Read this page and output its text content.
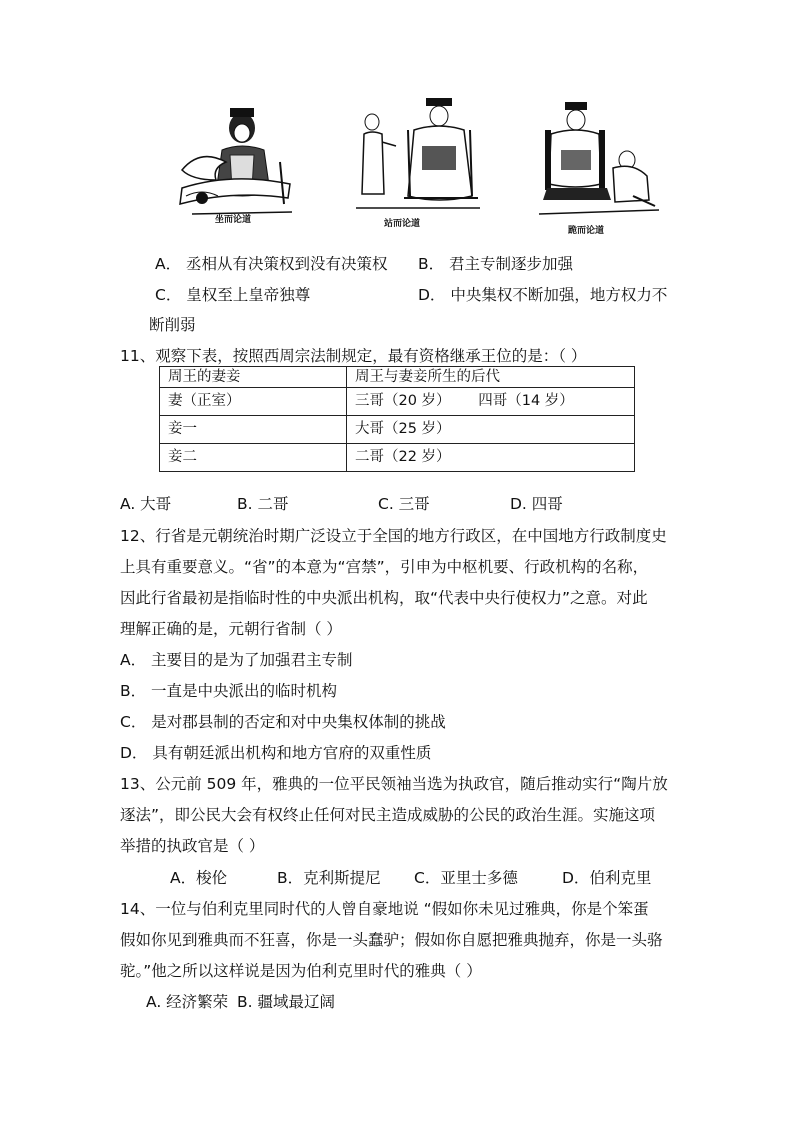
坐而论道	站而论道
跪而论道
A． 丞相从有决策权到没有决策权 B． 君主专制逐步加强
C． 皇权至上皇帝独尊	D． 中央集权不断加强，地方权力不
断削弱
11、观察下表，按照西周宗法制规定，最有资格继承王位的是：（ ）
周王的妻妾	周王与妻妾所生的后代
妻（正室）	三哥（20 岁）      四哥（14 岁）
妾一	大哥（25 岁）
妾二	二哥（22 岁）
A. 大哥	B. 二哥	C. 三哥	D. 四哥
12、行省是元朝统治时期广泛设立于全国的地方行政区，在中国地方行政制度史
上具有重要意义。“省”的本意为“宫禁”，引申为中枢机要、行政机构的名称，
因此行省最初是指临时性的中央派出机构，取“代表中央行使权力”之意。对此
理解正确的是，元朝行省制（ ）
A． 主要目的是为了加强君主专制
B． 一直是中央派出的临时机构
C． 是对郡县制的否定和对中央集权体制的挑战
D． 具有朝廷派出机构和地方官府的双重性质
13、公元前 509 年，雅典的一位平民领袖当选为执政官，随后推动实行“陶片放
逐法”，即公民大会有权终止任何对民主造成威胁的公民的政治生涯。实施这项
举措的执政官是（ ）
A．梭伦	B．克利斯提尼 C．亚里士多德	D．伯利克里
14、一位与伯利克里同时代的人曾自豪地说 “假如你未见过雅典，你是个笨蛋
假如你见到雅典而不狂喜，你是一头蠢驴；假如你自愿把雅典抛弃，你是一头骆
驼。”他之所以这样说是因为伯利克里时代的雅典（ ）
A. 经济繁荣 B. 疆域最辽阔
